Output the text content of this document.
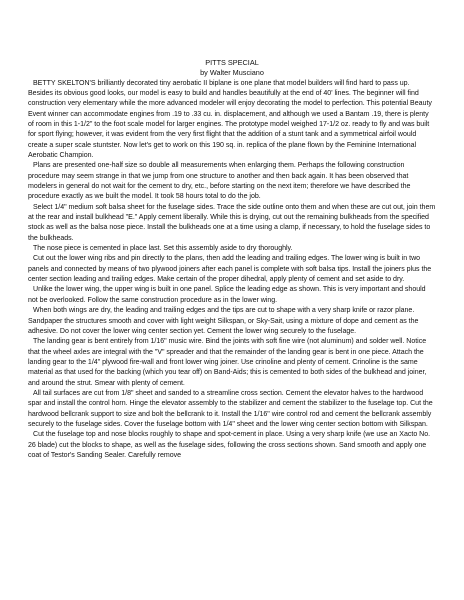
PITTS SPECIAL
by Walter Musciano

BETTY SKELTON'S brilliantly decorated tiny aerobatic II biplane is one plane that model builders will find hard to pass up. Besides its obvious good looks, our model is easy to build and handles beautifully at the end of 40' lines. The beginner will find construction very elementary while the more advanced modeler will enjoy decorating the model to perfection. This potential Beauty Event winner can accommodate engines from .19 to .33 cu. in. displacement, and although we used a Bantam .19, there is plenty of room in this 1-1/2" to the foot scale model for larger engines. The prototype model weighed 17-1/2 oz. ready to fly and was built for sport flying; however, it was evident from the very first flight that the addition of a stunt tank and a symmetrical airfoil would create a super scale stuntster. Now let's get to work on this 190 sq. in. replica of the plane flown by the Feminine International Aerobatic Champion.

Plans are presented one-half size so double all measurements when enlarging them. Perhaps the following construction procedure may seem strange in that we jump from one structure to another and then back again. It has been observed that modelers in general do not wait for the cement to dry, etc., before starting on the next item; therefore we have described the procedure exactly as we built the model. It took 58 hours total to do the job.

Select 1/4" medium soft balsa sheet for the fuselage sides. Trace the side outline onto them and when these are cut out, join them at the rear and install bulkhead "E." Apply cement liberally. While this is drying, cut out the remaining bulkheads from the specified stock as well as the balsa nose piece. Install the bulkheads one at a time using a clamp, if necessary, to hold the fuselage sides to the bulkheads.

The nose piece is cemented in place last. Set this assembly aside to dry thoroughly.

Cut out the lower wing ribs and pin directly to the plans, then add the leading and trailing edges. The lower wing is built in two panels and connected by means of two plywood joiners after each panel is complete with soft balsa tips. Install the joiners plus the center section leading and trailing edges. Make certain of the proper dihedral, apply plenty of cement and set aside to dry.

Unlike the lower wing, the upper wing is built in one panel. Splice the leading edge as shown. This is very important and should not be overlooked. Follow the same construction procedure as in the lower wing.

When both wings are dry, the leading and trailing edges and the tips are cut to shape with a very sharp knife or razor plane. Sandpaper the structures smooth and cover with light weight Silkspan, or Sky-Sait, using a mixture of dope and cement as the adhesive. Do not cover the lower wing center section yet. Cement the lower wing securely to the fuselage.

The landing gear is bent entirely from 1/16" music wire. Bind the joints with soft fine wire (not aluminum) and solder well. Notice that the wheel axles are integral with the "V" spreader and that the remainder of the landing gear is bent in one piece. Attach the landing gear to the 1/4" plywood fire-wall and front lower wing joiner. Use crinoline and plenty of cement. Crinoline is the same material as that used for the backing (which you tear off) on Band-Aids; this is cemented to both sides of the bulkhead and joiner, and around the strut. Smear with plenty of cement.

All tail surfaces are cut from 1/8" sheet and sanded to a streamline cross section. Cement the elevator halves to the hardwood spar and install the control horn. Hinge the elevator assembly to the stabilizer and cement the stabilizer to the fuselage top. Cut the hardwood bellcrank support to size and bolt the bellcrank to it. Install the 1/16" wire control rod and cement the bellcrank assembly securely to the fuselage sides. Cover the fuselage bottom with 1/4" sheet and the lower wing center section bottom with Silkspan.

Cut the fuselage top and nose blocks roughly to shape and spot-cement in place. Using a very sharp knife (we use an Xacto No. 26 blade) cut the blocks to shape, as well as the fuselage sides, following the cross sections shown. Sand smooth and apply one coat of Testor's Sanding Sealer. Carefully remove
